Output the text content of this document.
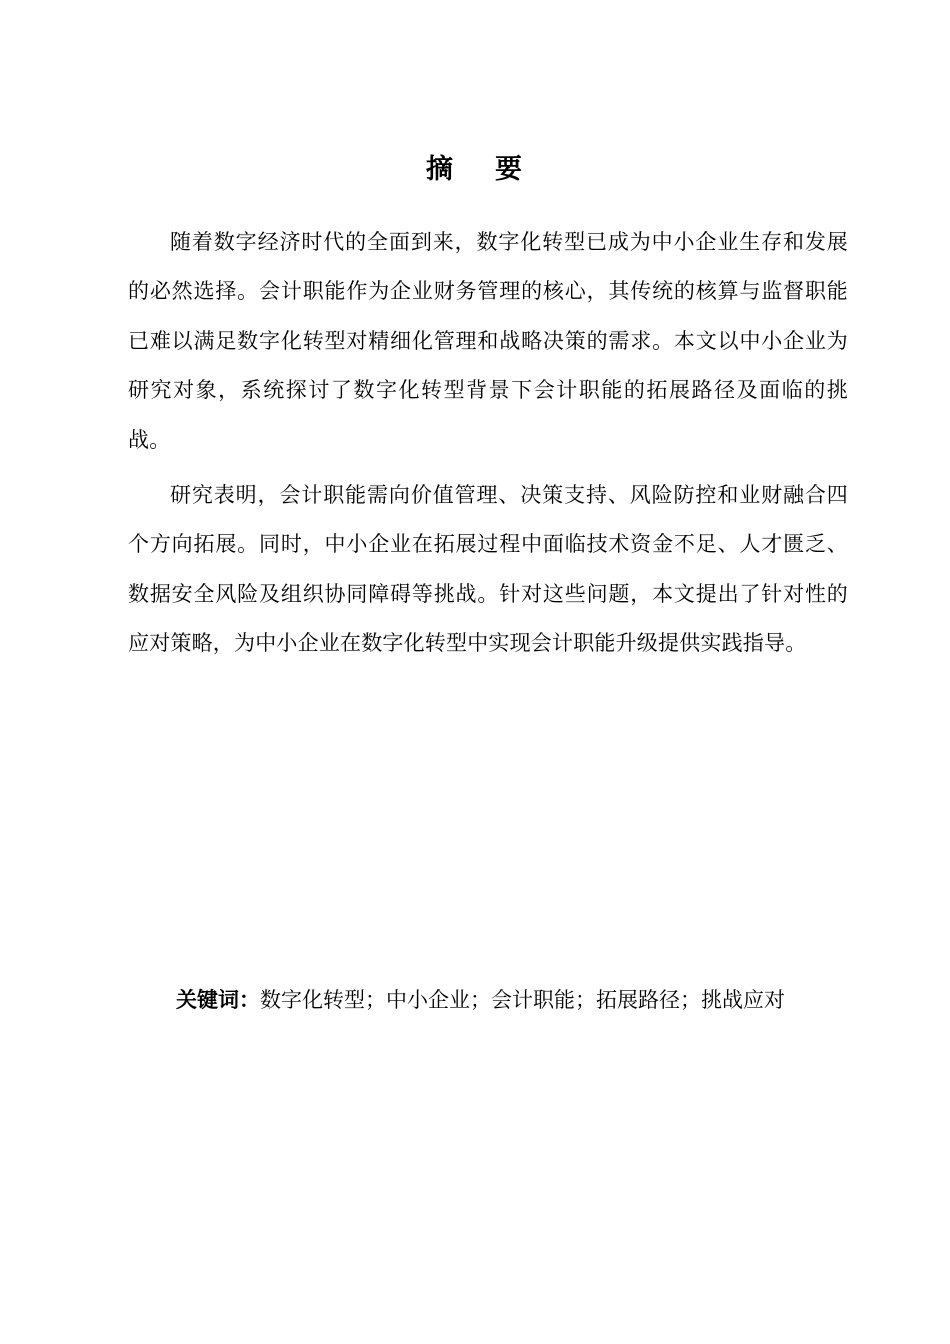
摘 要

随着数字经济时代的全面到来，数字化转型已成为中小企业生存和发展的必然选择。会计职能作为企业财务管理的核心，其传统的核算与监督职能已难以满足数字化转型对精细化管理和战略决策的需求。本文以中小企业为研究对象，系统探讨了数字化转型背景下会计职能的拓展路径及面临的挑战。

研究表明，会计职能需向价值管理、决策支持、风险防控和业财融合四个方向拓展。同时，中小企业在拓展过程中面临技术资金不足、人才匮乏、数据安全风险及组织协同障碍等挑战。针对这些问题，本文提出了针对性的应对策略，为中小企业在数字化转型中实现会计职能升级提供实践指导。

关键词：数字化转型；中小企业；会计职能；拓展路径；挑战应对
